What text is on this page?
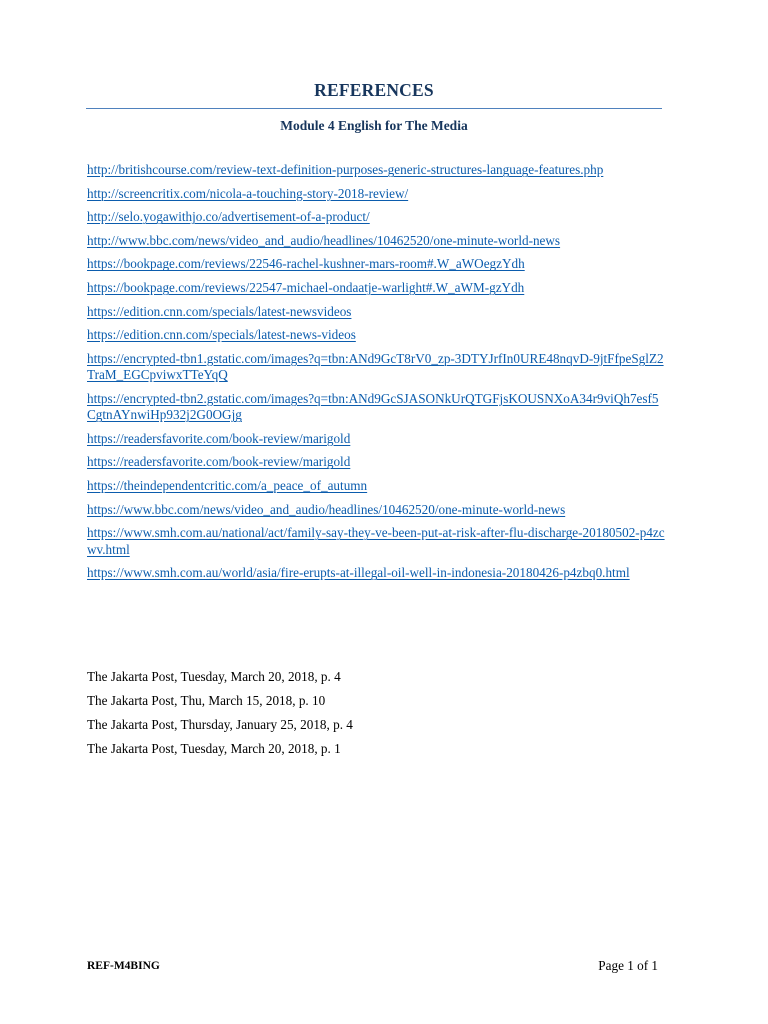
REFERENCES
Module 4 English for The Media
http://britishcourse.com/review-text-definition-purposes-generic-structures-language-features.php
http://screencritix.com/nicola-a-touching-story-2018-review/
http://selo.yogawithjo.co/advertisement-of-a-product/
http://www.bbc.com/news/video_and_audio/headlines/10462520/one-minute-world-news
https://bookpage.com/reviews/22546-rachel-kushner-mars-room#.W_aWOegzYdh
https://bookpage.com/reviews/22547-michael-ondaatje-warlight#.W_aWM-gzYdh
https://edition.cnn.com/specials/latest-newsvideos
https://edition.cnn.com/specials/latest-news-videos
https://encrypted-tbn1.gstatic.com/images?q=tbn:ANd9GcT8rV0_zp-3DTYJrfIn0URE48nqvD-9jtFfpeSglZ2TraM_EGCpviwxTTeYqQ
https://encrypted-tbn2.gstatic.com/images?q=tbn:ANd9GcSJASONkUrQTGFjsKOUSNXoA34r9viQh7esf5CgtnAYnwiHp932j2G0OGjg
https://readersfavorite.com/book-review/marigold
https://readersfavorite.com/book-review/marigold
https://theindependentcritic.com/a_peace_of_autumn
https://www.bbc.com/news/video_and_audio/headlines/10462520/one-minute-world-news
https://www.smh.com.au/national/act/family-say-they-ve-been-put-at-risk-after-flu-discharge-20180502-p4zcwv.html
https://www.smh.com.au/world/asia/fire-erupts-at-illegal-oil-well-in-indonesia-20180426-p4zbq0.html
The Jakarta Post, Tuesday, March 20, 2018, p. 4
The Jakarta Post, Thu, March 15, 2018, p. 10
The Jakarta Post, Thursday, January 25, 2018, p. 4
The Jakarta Post, Tuesday, March 20, 2018, p. 1
REF-M4BING	Page 1 of 1
